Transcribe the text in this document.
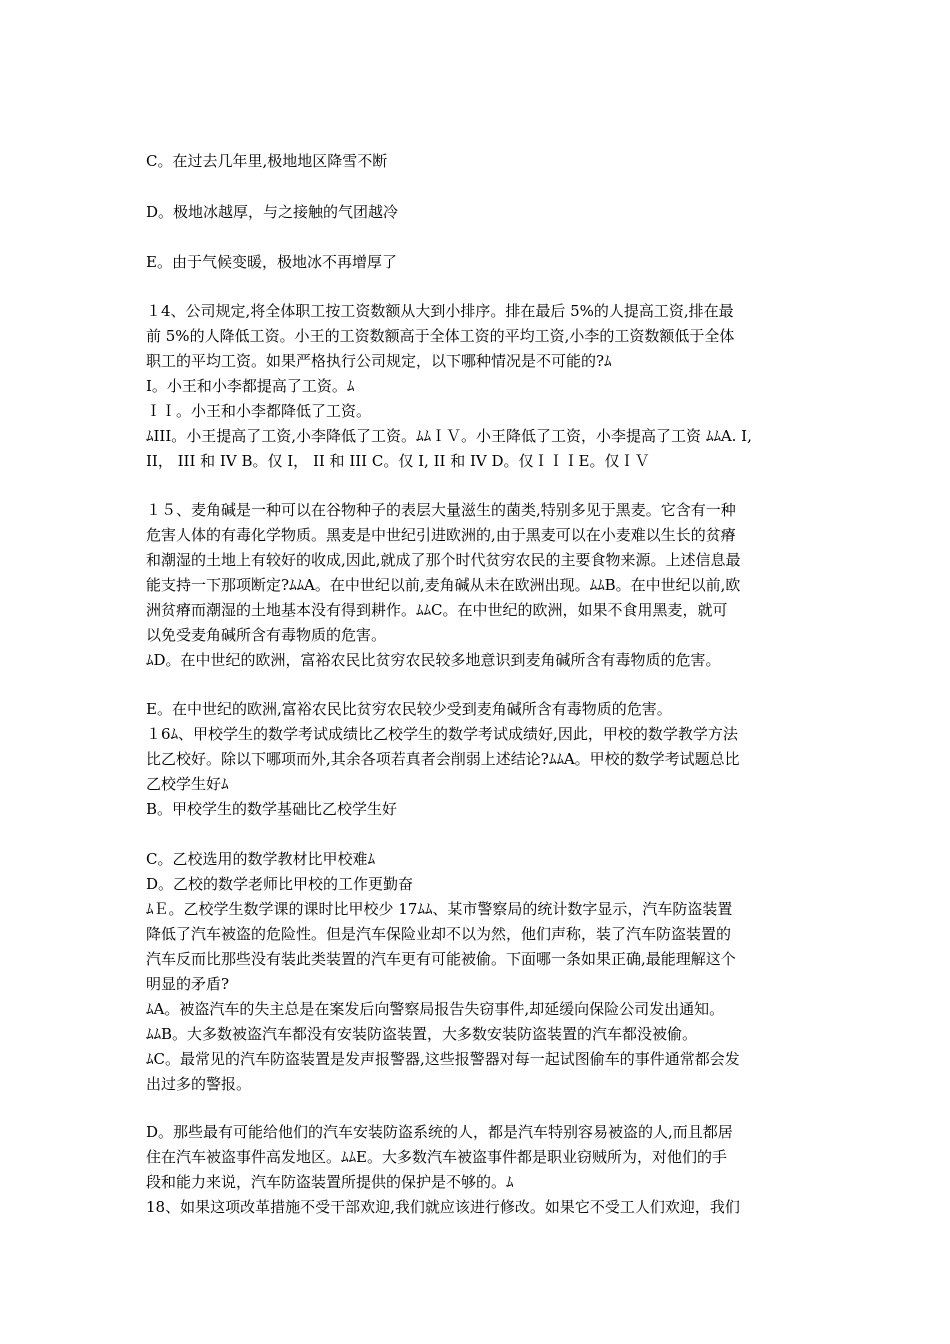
C。在过去几年里,极地地区降雪不断
D。极地冰越厚，与之接触的气团越冷
E。由于气候变暖，极地冰不再增厚了
１4、公司规定,将全体职工按工资数额从大到小排序。排在最后 5%的人提高工资,排在最
前 5%的人降低工资。小王的工资数额高于全体工资的平均工资,小李的工资数额低于全体
职工的平均工资。如果严格执行公司规定，以下哪种情况是不可能的?ﾑ
I。小王和小李都提高了工资。ﾑ
ＩＩ。小王和小李都降低了工资。
ﾑIII。小王提高了工资,小李降低了工资。ﾑﾑＩＶ。小王降低了工资，小李提高了工资 ﾑﾑA. I,
II， III 和 IV B。仅 I， II 和 III C。仅 I, II 和 IV D。仅ＩＩＩE。仅ＩＶ
１５、麦角碱是一种可以在谷物种子的表层大量滋生的菌类,特别多见于黑麦。它含有一种
危害人体的有毒化学物质。黑麦是中世纪引进欧洲的,由于黑麦可以在小麦难以生长的贫瘠
和潮湿的土地上有较好的收成,因此,就成了那个时代贫穷农民的主要食物来源。上述信息最
能支持一下那项断定?ﾑﾑA。在中世纪以前,麦角碱从未在欧洲出现。ﾑﾑB。在中世纪以前,欧
洲贫瘠而潮湿的土地基本没有得到耕作。ﾑﾑC。在中世纪的欧洲，如果不食用黑麦，就可
以免受麦角碱所含有毒物质的危害。
ﾑD。在中世纪的欧洲，富裕农民比贫穷农民较多地意识到麦角碱所含有毒物质的危害。
E。在中世纪的欧洲,富裕农民比贫穷农民较少受到麦角碱所含有毒物质的危害。
１6ﾑ、甲校学生的数学考试成绩比乙校学生的数学考试成绩好,因此，甲校的数学教学方法
比乙校好。除以下哪项而外,其余各项若真者会削弱上述结论?ﾑﾑA。甲校的数学考试题总比
乙校学生好ﾑ
B。甲校学生的数学基础比乙校学生好
C。乙校选用的数学教材比甲校难ﾑ
D。乙校的数学老师比甲校的工作更勤奋
ﾑＥ。乙校学生数学课的课时比甲校少 17ﾑﾑ、某市警察局的统计数字显示，汽车防盗装置
降低了汽车被盗的危险性。但是汽车保险业却不以为然，他们声称，装了汽车防盗装置的
汽车反而比那些没有装此类装置的汽车更有可能被偷。下面哪一条如果正确,最能理解这个
明显的矛盾?
ﾑA。被盗汽车的失主总是在案发后向警察局报告失窃事件,却延缓向保险公司发出通知。
ﾑﾑB。大多数被盗汽车都没有安装防盗装置，大多数安装防盗装置的汽车都没被偷。
ﾑC。最常见的汽车防盗装置是发声报警器,这些报警器对每一起试图偷车的事件通常都会发
出过多的警报。
D。那些最有可能给他们的汽车安装防盗系统的人，都是汽车特别容易被盗的人,而且都居
住在汽车被盗事件高发地区。ﾑﾑE。大多数汽车被盗事件都是职业窃贼所为，对他们的手
段和能力来说，汽车防盗装置所提供的保护是不够的。ﾑ
18、如果这项改革措施不受干部欢迎,我们就应该进行修改。如果它不受工人们欢迎，我们
